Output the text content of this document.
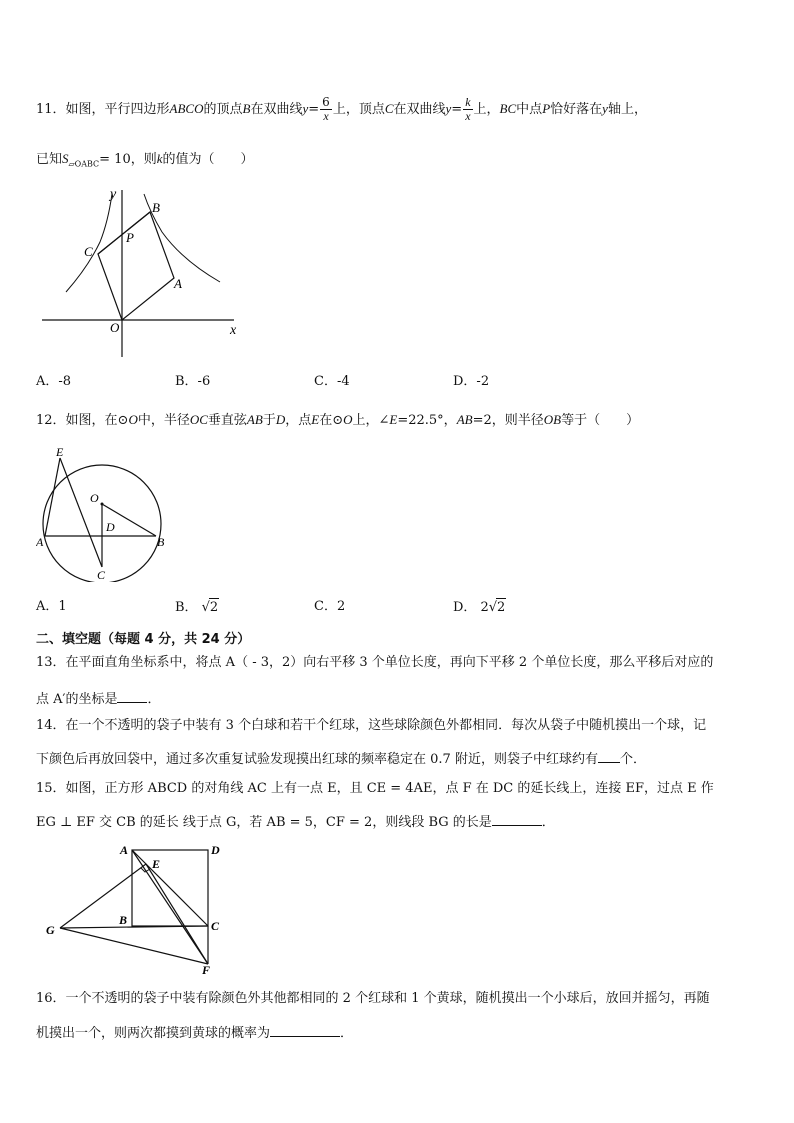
11．如图，平行四边形ABCO的顶点B在双曲线$y= \frac{6}{x}$ 上，顶点C在双曲线$y= \frac{k}{x}$ 上，BC中点P恰好落在y轴上，
已知$S_{▱OABC}= 10$，则k的值为（　　）
y
x
O
A
B
C
P
A．-8	B．-6	C．-4	D．-2
12．如图，在⊙O中，半径OC垂直弦AB于D，点E在⊙O上，∠E=22.5°，AB=2，则半径OB等于（　　）
E
O
D
A	B
C
A．1	B． √2	C．2	D． 2√2
二、填空题（每题 4 分，共 24 分）
13．在平面直角坐标系中，将点 A（ - 3，2）向右平移 3 个单位长度，再向下平移 2 个单位长度，那么平移后对应的
点 A′的坐标是 ．
14．在一个不透明的袋子中装有 3 个白球和若干个红球，这些球除颜色外都相同．每次从袋子中随机摸出一个球，记
下颜色后再放回袋中，通过多次重复试验发现摸出红球的频率稳定在 0.7 附近，则袋子中红球约有 个．
15．如图，正方形 ABCD 的对角线 AC 上有一点 E，且 CE = 4AE，点 F 在 DC 的延长线上，连接 EF，过点 E 作
EG ⊥ EF 交 CB 的延长 线于点 G，若 AB = 5，CF = 2，则线段 BG 的长是	．
A	D
E
B	C
G
F
16．一个不透明的袋子中装有除颜色外其他都相同的 2 个红球和 1 个黄球，随机摸出一个小球后，放回并摇匀，再随
机摸出一个，则两次都摸到黄球的概率为	．
